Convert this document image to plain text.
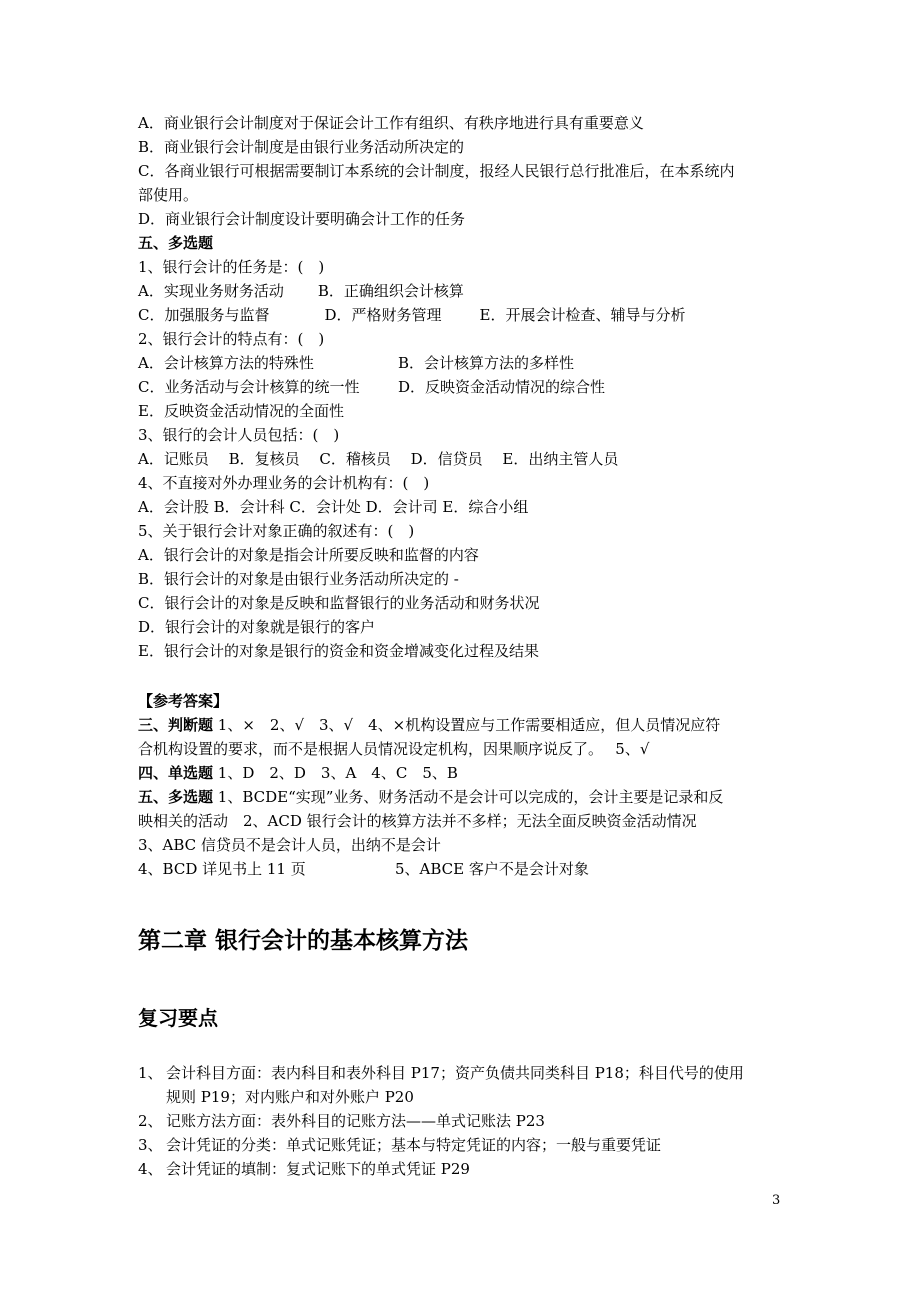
A．商业银行会计制度对于保证会计工作有组织、有秩序地进行具有重要意义
B．商业银行会计制度是由银行业务活动所决定的
C．各商业银行可根据需要制订本系统的会计制度，报经人民银行总行批准后，在本系统内
部使用。
D．商业银行会计制度设计要明确会计工作的任务
五、多选题
1、银行会计的任务是：(　)
A．实现业务财务活动 B．正确组织会计核算
C．加强服务与监督	D．严格财务管理	E．开展会计检查、辅导与分析
2、银行会计的特点有：(　)
A．会计核算方法的特殊性	B．会计核算方法的多样性
C．业务活动与会计核算的统一性	D．反映资金活动情况的综合性
E．反映资金活动情况的全面性
3、银行的会计人员包括：(　)
A．记账员　 B．复核员　 C．稽核员　 D．信贷员　 E．出纳主管人员
4、不直接对外办理业务的会计机构有：(　)
A．会计股 B．会计科 C．会计处 D．会计司 E．综合小组
5、关于银行会计对象正确的叙述有：(　)
A．银行会计的对象是指会计所要反映和监督的内容
B．银行会计的对象是由银行业务活动所决定的 -
C．银行会计的对象是反映和监督银行的业务活动和财务状况
D．银行会计的对象就是银行的客户
E．银行会计的对象是银行的资金和资金增减变化过程及结果
【参考答案】
三、判断题 1、×　2、√　3、√　4、×机构设置应与工作需要相适应，但人员情况应符
合机构设置的要求，而不是根据人员情况设定机构，因果顺序说反了。　 5、√
四、单选题 1、D　2、D　3、A　4、C　5、B
五、多选题 1、BCDE“实现”业务、财务活动不是会计可以完成的，会计主要是记录和反
映相关的活动　2、ACD 银行会计的核算方法并不多样；无法全面反映资金活动情况
3、ABC 信贷员不是会计人员，出纳不是会计
4、BCD 详见书上 11 页	5、ABCE 客户不是会计对象
第二章 银行会计的基本核算方法
复习要点
1、 会计科目方面：表内科目和表外科目 P17；资产负债共同类科目 P18；科目代号的使用
规则 P19；对内账户和对外账户 P20
2、 记账方法方面：表外科目的记账方法——单式记账法 P23
3、 会计凭证的分类：单式记账凭证；基本与特定凭证的内容；一般与重要凭证
4、 会计凭证的填制：复式记账下的单式凭证 P29
3
